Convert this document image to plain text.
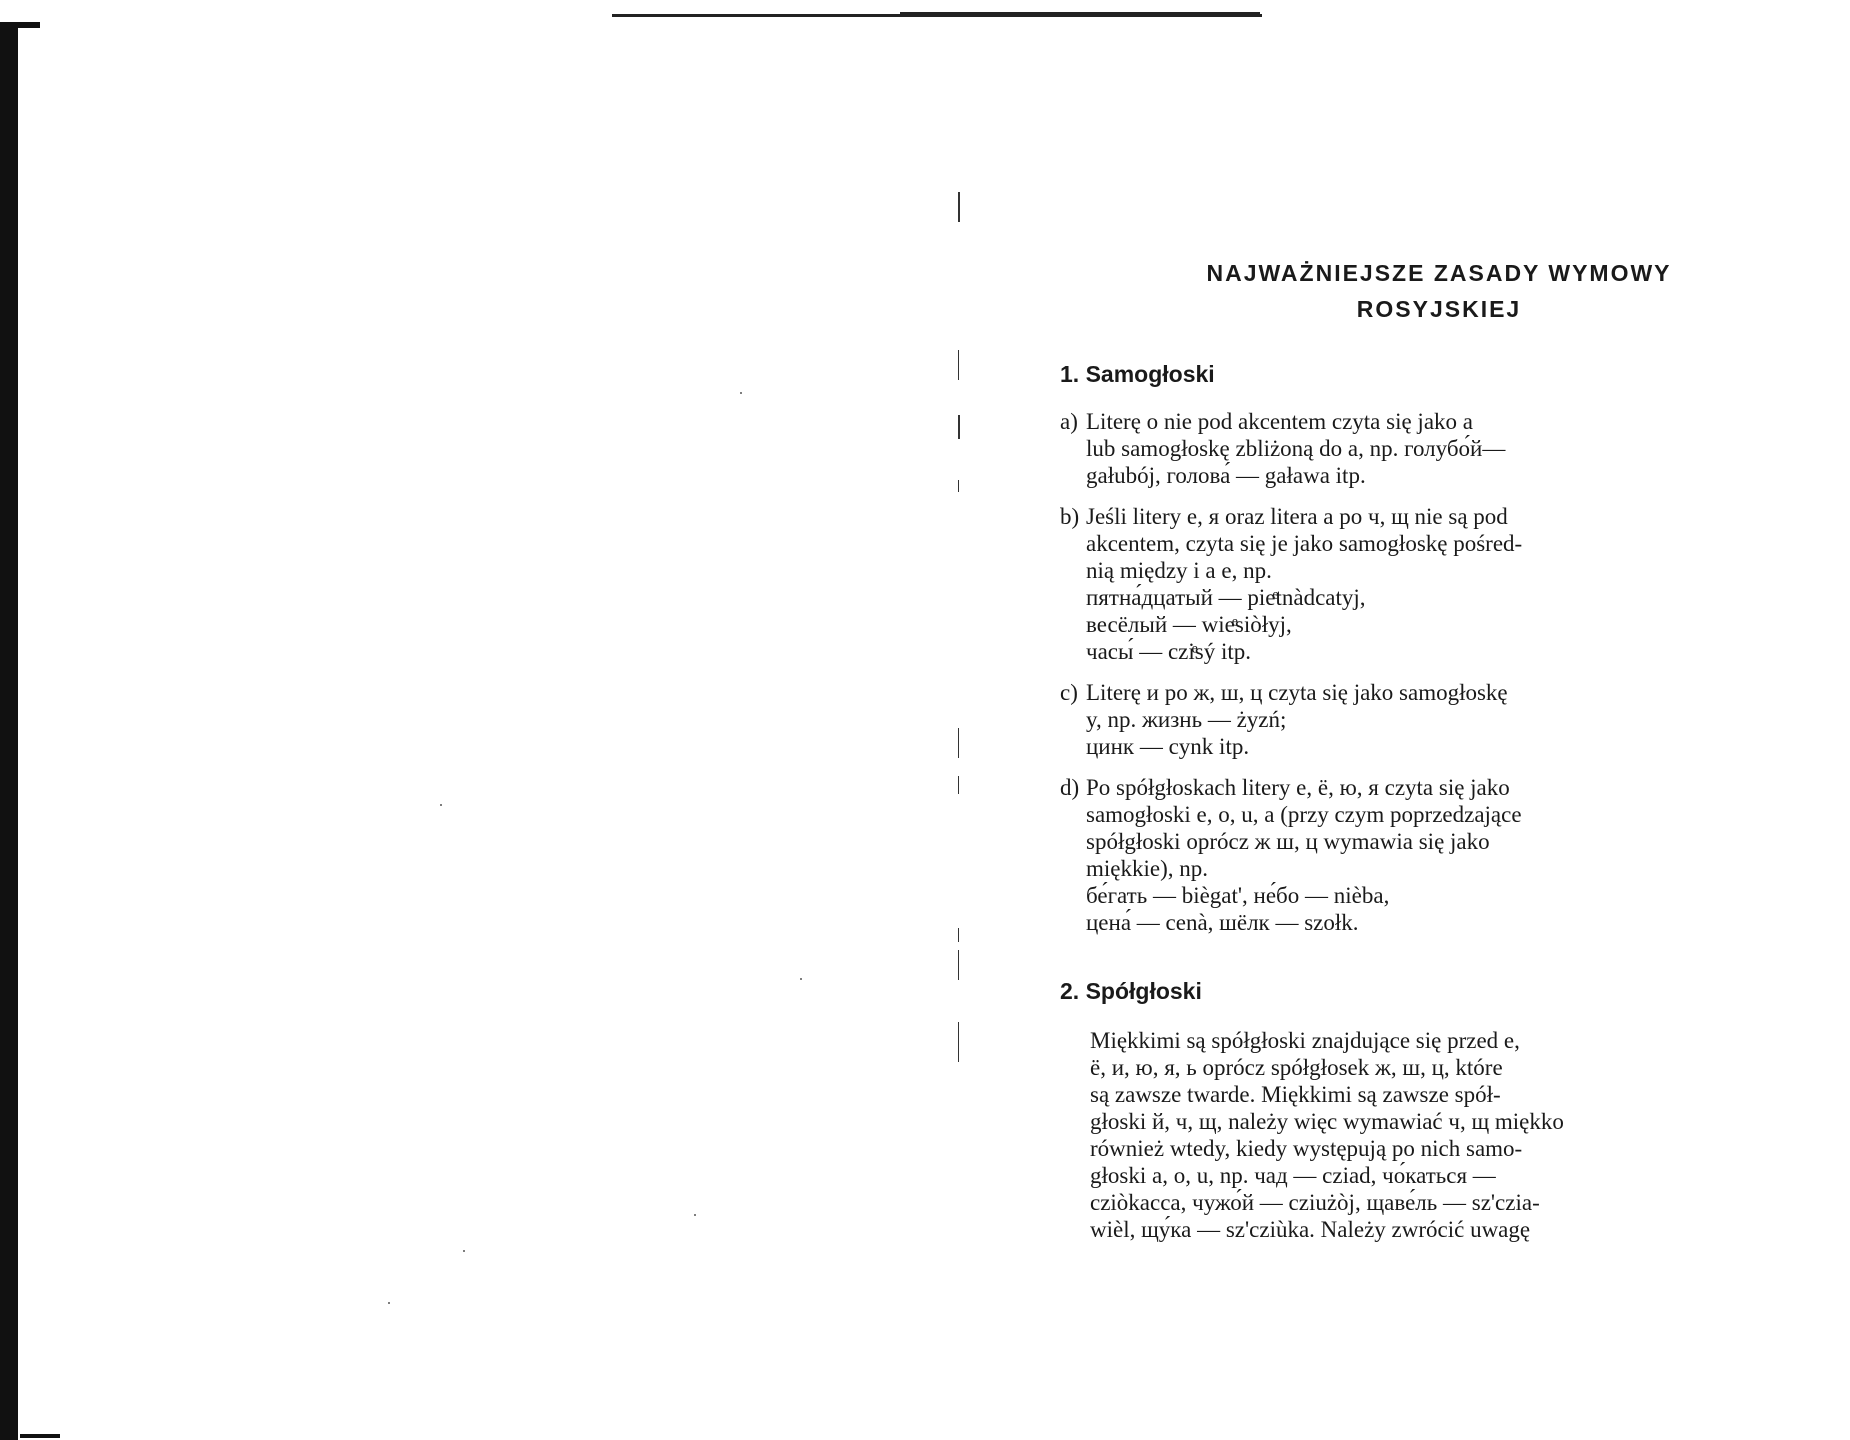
NAJWAŻNIEJSZE ZASADY WYMOWY
ROSYJSKIEJ
1. Samogłoski
a) Literę о nie pod akcentem czyta się jako a

lub samogłoskę zbliżoną do a, np. голубо́й—

gałubój, голова́ — gaława itp.

b) Jeśli litery e, я oraz litera a po ч, щ nie są pod

akcentem, czyta się je jako samogłoskę pośred-

nią między i a e, np.

пятна́дцатый — pieͤtnàdcatyj,

весёлый — wieͤsiòłyj,

часы́ — cziͤsý itp.

c) Literę и po ж, ш, ц czyta się jako samogłoskę

y, np. жизнь — żyzń;

цинк — cynk itp.

d) Po spółgłoskach litery e, ё, ю, я czyta się jako

samogłoski e, o, u, a (przy czym poprzedzające

spółgłoski oprócz ж ш, ц wymawia się jako

miękkie), np.

бе́гать — biègat', не́бо — nièba,

цена́ — cenà, шёлк — szołk.

2. Spółgłoski

Miękkimi są spółgłoski znajdujące się przed e,

ё, и, ю, я, ь oprócz spółgłosek ж, ш, ц, które

są zawsze twarde. Miękkimi są zawsze spół-

głoski й, ч, щ, należy więc wymawiać ч, щ miękko

również wtedy, kiedy występują po nich samo-

głoski a, o, u, np. чад — cziad, чо́каться —

cziòkacca, чужо́й — cziużòj, щаве́ль — sz'czia-

wièl, щу́ка — sz'cziùka. Należy zwrócić uwagę
